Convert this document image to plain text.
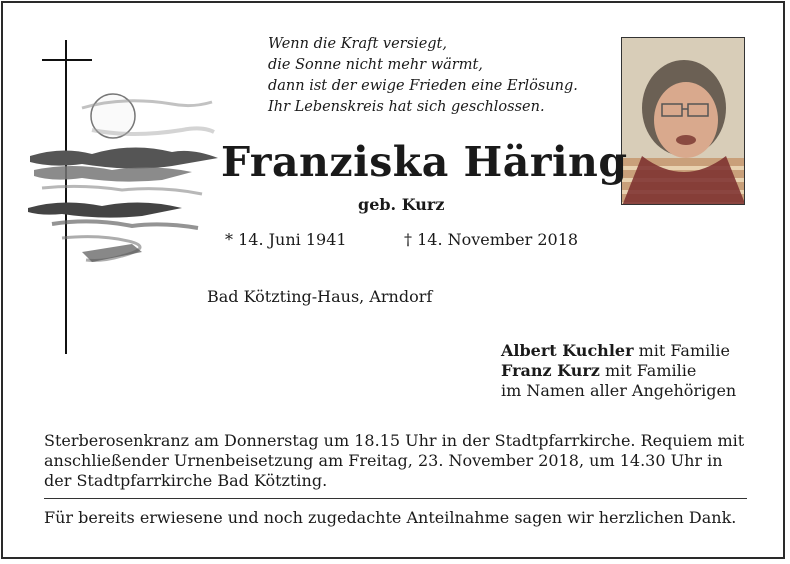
Wenn die Kraft versiegt,
die Sonne nicht mehr wärmt,
dann ist der ewige Frieden eine Erlösung.
Ihr Lebenskreis hat sich geschlossen.
Franziska Häring
geb. Kurz
* 14. Juni 1941	† 14. November 2018
Bad Kötzting-Haus, Arndorf
Albert Kuchler mit Familie
Franz Kurz mit Familie
im Namen aller Angehörigen
Sterberosenkranz am Donnerstag um 18.15 Uhr in der Stadtpfarrkirche. Requiem mit anschließender Urnenbeisetzung am Freitag, 23. November 2018, um 14.30 Uhr in der Stadtpfarrkirche Bad Kötzting.
Für bereits erwiesene und noch zugedachte Anteilnahme sagen wir herzlichen Dank.
